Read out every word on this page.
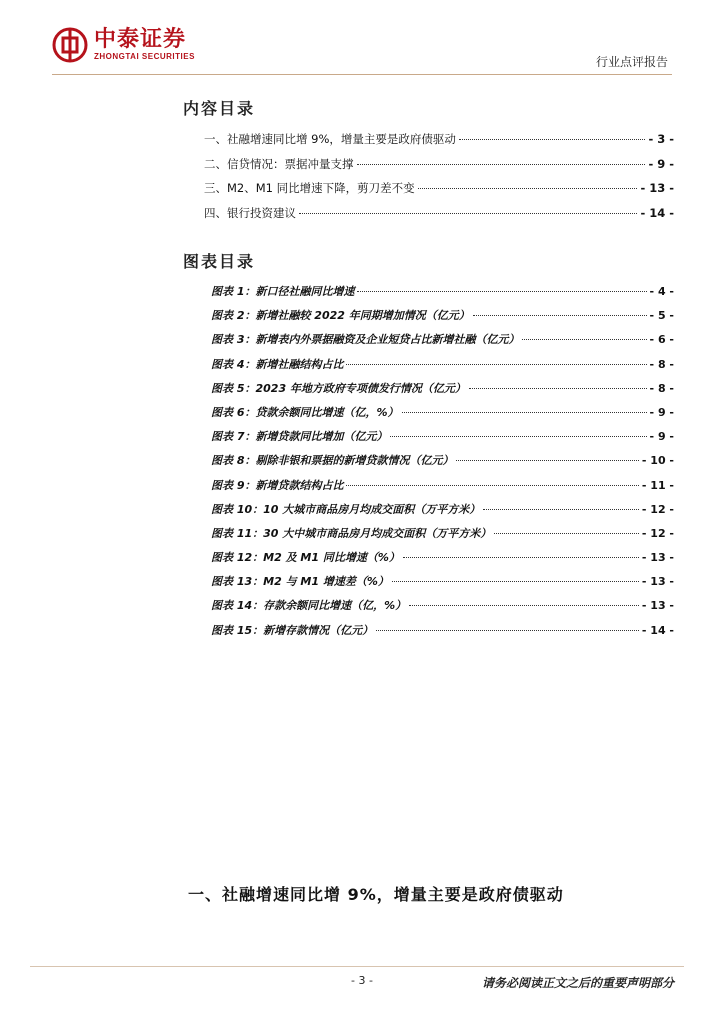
中泰证券
ZHONGTAI SECURITIES	行业点评报告
内容目录
一、社融增速同比增 9%，增量主要是政府债驱动	- 3 -
二、信贷情况：票据冲量支撑	- 9 -
三、M2、M1 同比增速下降，剪刀差不变	- 13 -
四、银行投资建议	- 14 -
图表目录
图表 1：新口径社融同比增速	- 4 -
图表 2：新增社融较 2022 年同期增加情况（亿元）	- 5 -
图表 3：新增表内外票据融资及企业短贷占比新增社融（亿元）	- 6 -
图表 4：新增社融结构占比	- 8 -
图表 5：2023 年地方政府专项债发行情况（亿元）	- 8 -
图表 6：贷款余额同比增速（亿，%）	- 9 -
图表 7：新增贷款同比增加（亿元）	- 9 -
图表 8：剔除非银和票据的新增贷款情况（亿元）	- 10 -
图表 9：新增贷款结构占比	- 11 -
图表 10：10 大城市商品房月均成交面积（万平方米）	- 12 -
图表 11：30 大中城市商品房月均成交面积（万平方米）	- 12 -
图表 12：M2 及 M1 同比增速（%）	- 13 -
图表 13：M2 与 M1 增速差（%）	- 13 -
图表 14：存款余额同比增速（亿，%）	- 13 -
图表 15：新增存款情况（亿元）	- 14 -
一、社融增速同比增 9%，增量主要是政府债驱动
- 3 -	请务必阅读正文之后的重要声明部分
